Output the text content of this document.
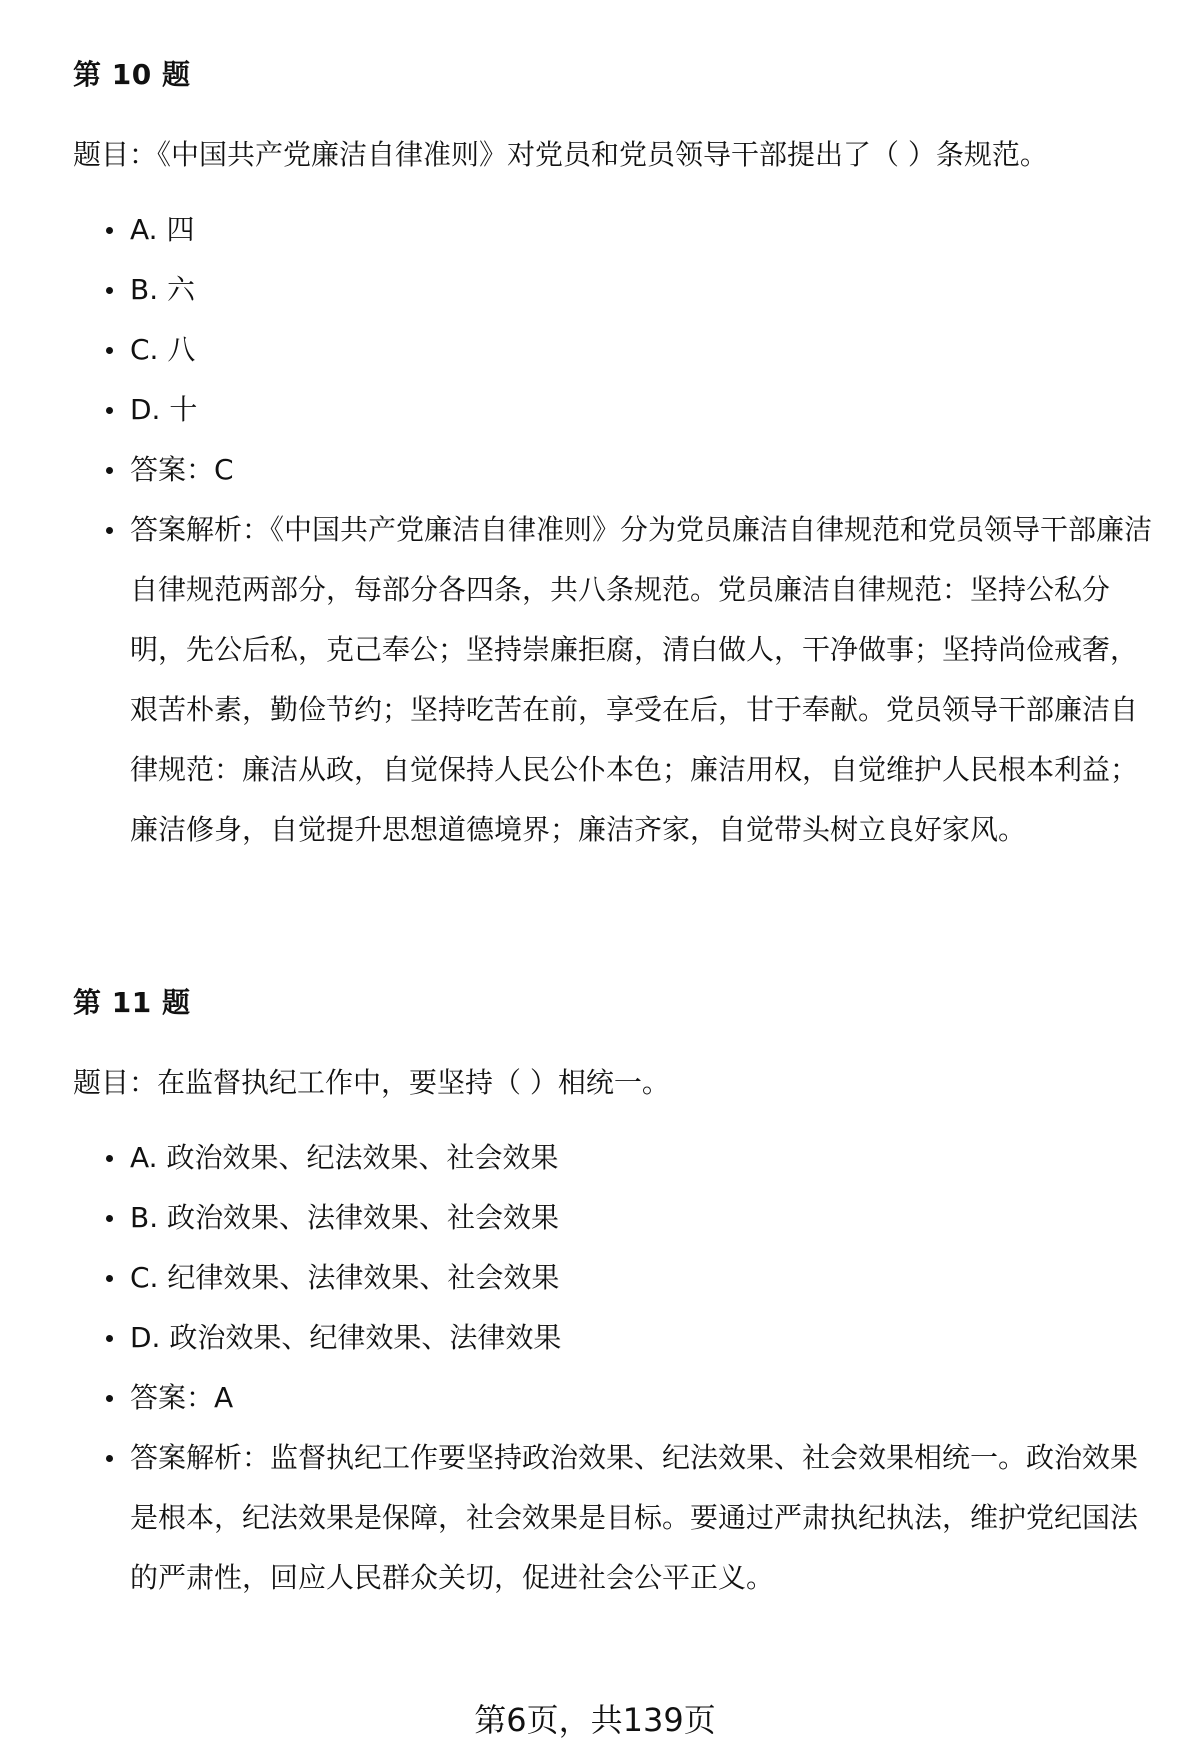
第 10 题

题目：《中国共产党廉洁自律准则》对党员和党员领导干部提出了（ ）条规范。

A. 四
B. 六
C. 八
D. 十
答案：C
答案解析：《中国共产党廉洁自律准则》分为党员廉洁自律规范和党员领导干部廉洁自律规范两部分，每部分各四条，共八条规范。党员廉洁自律规范：坚持公私分明，先公后私，克己奉公；坚持崇廉拒腐，清白做人，干净做事；坚持尚俭戒奢，艰苦朴素，勤俭节约；坚持吃苦在前，享受在后，甘于奉献。党员领导干部廉洁自律规范：廉洁从政，自觉保持人民公仆本色；廉洁用权，自觉维护人民根本利益；廉洁修身，自觉提升思想道德境界；廉洁齐家，自觉带头树立良好家风。
第 11 题

题目：在监督执纪工作中，要坚持（ ）相统一。

A. 政治效果、纪法效果、社会效果
B. 政治效果、法律效果、社会效果
C. 纪律效果、法律效果、社会效果
D. 政治效果、纪律效果、法律效果
答案：A
答案解析：监督执纪工作要坚持政治效果、纪法效果、社会效果相统一。政治效果是根本，纪法效果是保障，社会效果是目标。要通过严肃执纪执法，维护党纪国法的严肃性，回应人民群众关切，促进社会公平正义。
第6页，共139页
